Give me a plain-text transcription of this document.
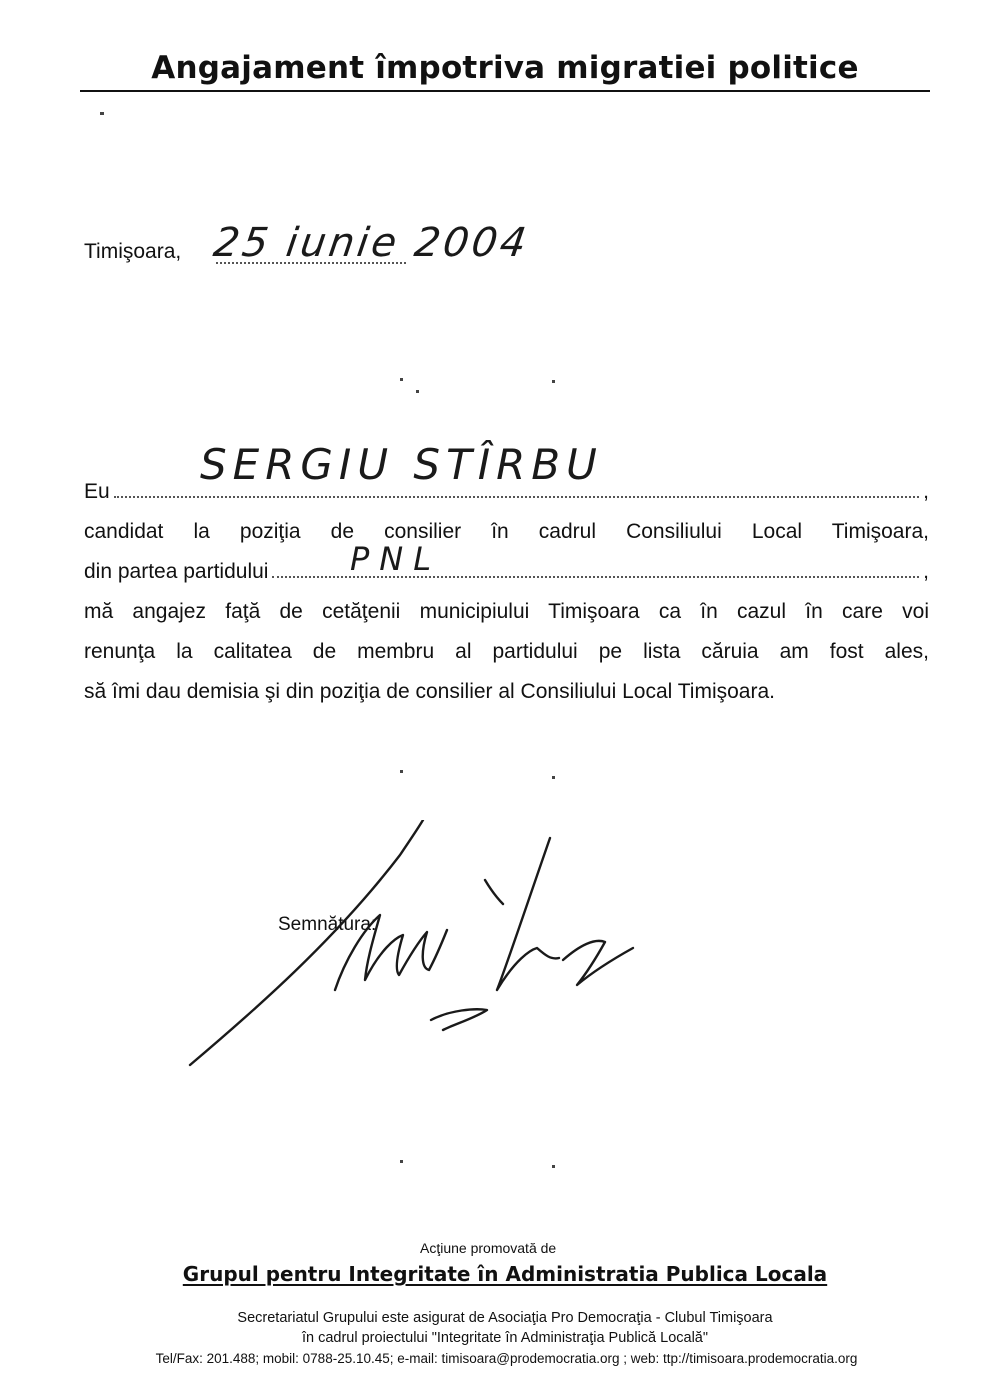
Angajament împotriva migratiei politice
Timişoara, 25 iunie 2004
Eu	,
SERGIU STÎRBU
candidat la poziţia de consilier în cadrul Consiliului Local Timişoara,
din partea partidului	,
mă angajez faţă de cetăţenii municipiului Timişoara ca în cazul în care voi
renunţa la calitatea de membru al partidului pe lista căruia am fost ales,
să îmi dau demisia şi din poziţia de consilier al Consiliului Local Timişoara.
PNL
Semnătura:
Acţiune promovată de
Grupul pentru Integritate în Administratia Publica Locala
Secretariatul Grupului este asigurat de Asociaţia Pro Democraţia - Clubul Timişoara
în cadrul proiectului "Integritate în Administraţia Publică Locală"
Tel/Fax: 201.488; mobil: 0788-25.10.45; e-mail: timisoara@prodemocratia.org ; web: ttp://timisoara.prodemocratia.org
